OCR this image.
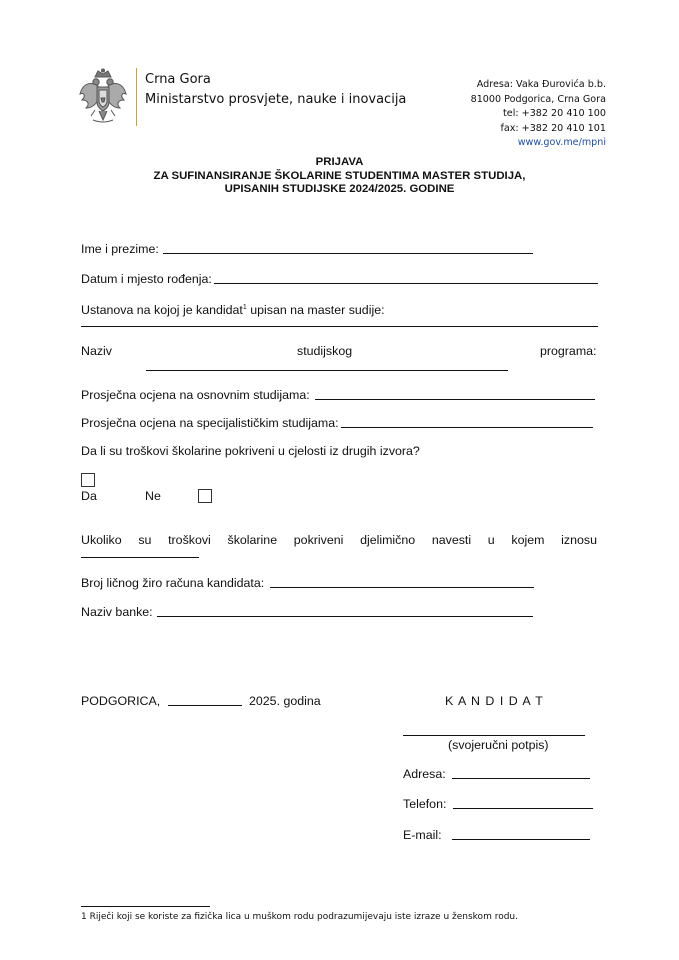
Crna Gora
Ministarstvo prosvjete, nauke i inovacija
Adresa: Vaka Đurovića b.b.
81000 Podgorica, Crna Gora
tel: +382 20 410 100
fax: +382 20 410 101
www.gov.me/mpni
PRIJAVA
ZA SUFINANSIRANJE ŠKOLARINE STUDENTIMA MASTER STUDIJA,
UPISANIH STUDIJSKE 2024/2025. GODINE
Ime i prezime:
Datum i mjesto rođenja:
Ustanova na kojoj je kandidat$^1$ upisan na master sudije:
Naziv	studijskog	programa:
Prosječna ocjena na osnovnim studijama:
Prosječna ocjena na specijalističkim studijama:
Da li su troškovi školarine pokriveni u cjelosti iz drugih izvora?
Da	Ne
Ukoliko su troškovi školarine pokriveni djelimično navesti u kojem iznosu
Broj ličnog žiro računa kandidata:
Naziv banke:
PODGORICA,	2025. godina	K A N D I D A T
(svojeručni potpis)
Adresa:
Telefon:
E-mail:
1 Riječi koji se koriste za fizička lica u muškom rodu podrazumijevaju iste izraze u ženskom rodu.
